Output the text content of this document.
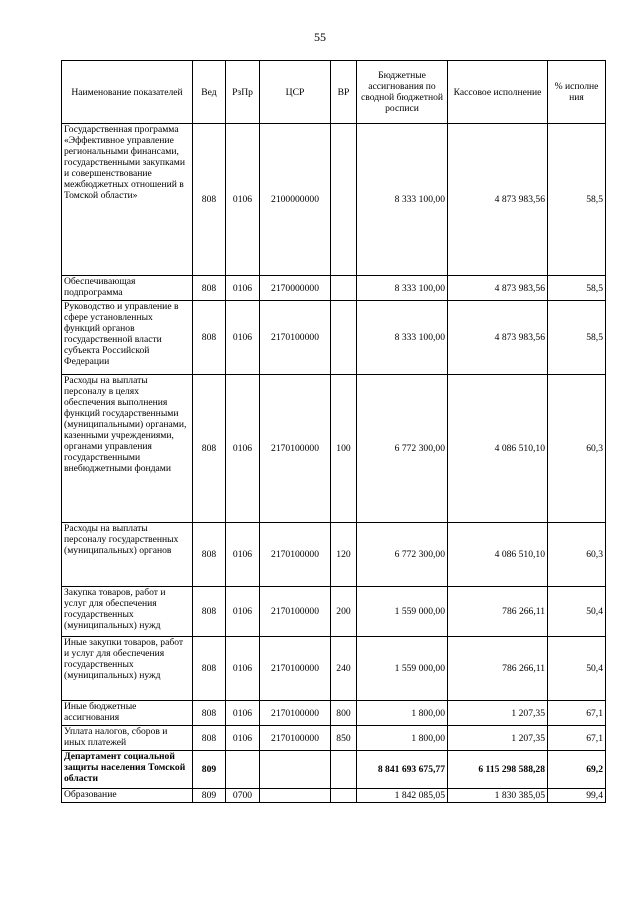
55
Наименование показателей	Вед	РзПр	ЦСР	ВР	Бюджетные ассигнования по сводной бюджетной росписи	Кассовое исполнение	% исполне ния
Государственная программа «Эффективное управление региональными финансами, государственными закупками и совершенствование межбюджетных отношений в Томской области»	808	0106	2100000000		8 333 100,00	4 873 983,56	58,5
Обеспечивающая подпрограмма	808	0106	2170000000		8 333 100,00	4 873 983,56	58,5
Руководство и управление в сфере установленных функций органов государственной власти субъекта Российской Федерации	808	0106	2170100000		8 333 100,00	4 873 983,56	58,5
Расходы на выплаты персоналу в целях обеспечения выполнения функций государственными (муниципальными) органами, казенными учреждениями, органами управления государственными внебюджетными фондами	808	0106	2170100000	100	6 772 300,00	4 086 510,10	60,3
Расходы на выплаты персоналу государственных (муниципальных) органов	808	0106	2170100000	120	6 772 300,00	4 086 510,10	60,3
Закупка товаров, работ и услуг для обеспечения государственных (муниципальных) нужд	808	0106	2170100000	200	1 559 000,00	786 266,11	50,4
Иные закупки товаров, работ и услуг для обеспечения государственных (муниципальных) нужд	808	0106	2170100000	240	1 559 000,00	786 266,11	50,4
Иные бюджетные ассигнования	808	0106	2170100000	800	1 800,00	1 207,35	67,1
Уплата налогов, сборов и иных платежей	808	0106	2170100000	850	1 800,00	1 207,35	67,1
Департамент социальной защиты населения Томской области	809				8 841 693 675,77	6 115 298 588,28	69,2
Образование	809	0700			1 842 085,05	1 830 385,05	99,4
